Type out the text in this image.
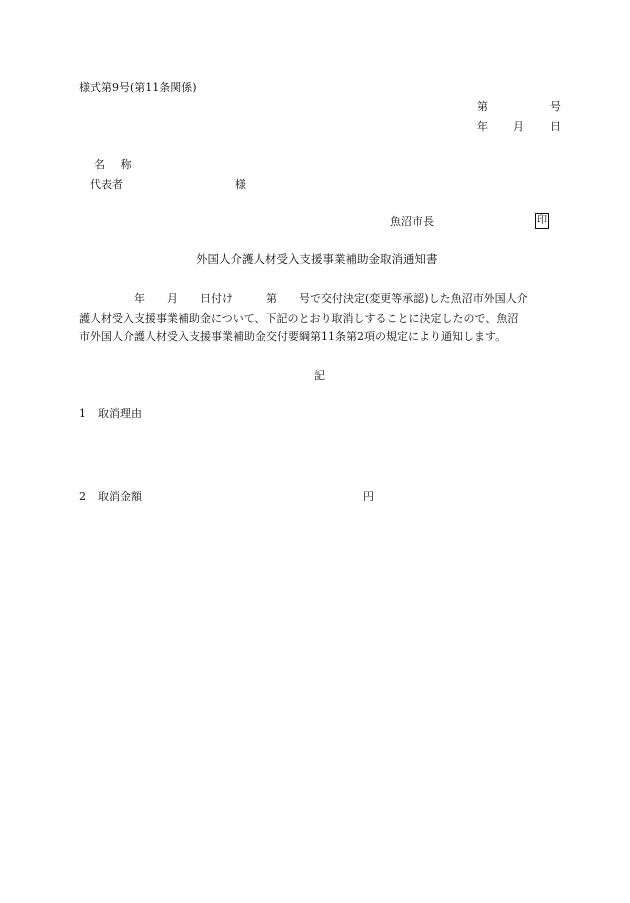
様式第9号(第11条関係)
第	号
年 月 日
名 称
代表者	様
魚沼市長	印
外国人介護人材受入支援事業補助金取消通知書
　　　　　年　　月　　日付け　　　第　　号で交付決定(変更等承認)した魚沼市外国人介
護人材受入支援事業補助金について、下記のとおり取消しすることに決定したので、魚沼
市外国人介護人材受入支援事業補助金交付要綱第11条第2項の規定により通知します。
記
1 取消理由
2 取消金額	円
